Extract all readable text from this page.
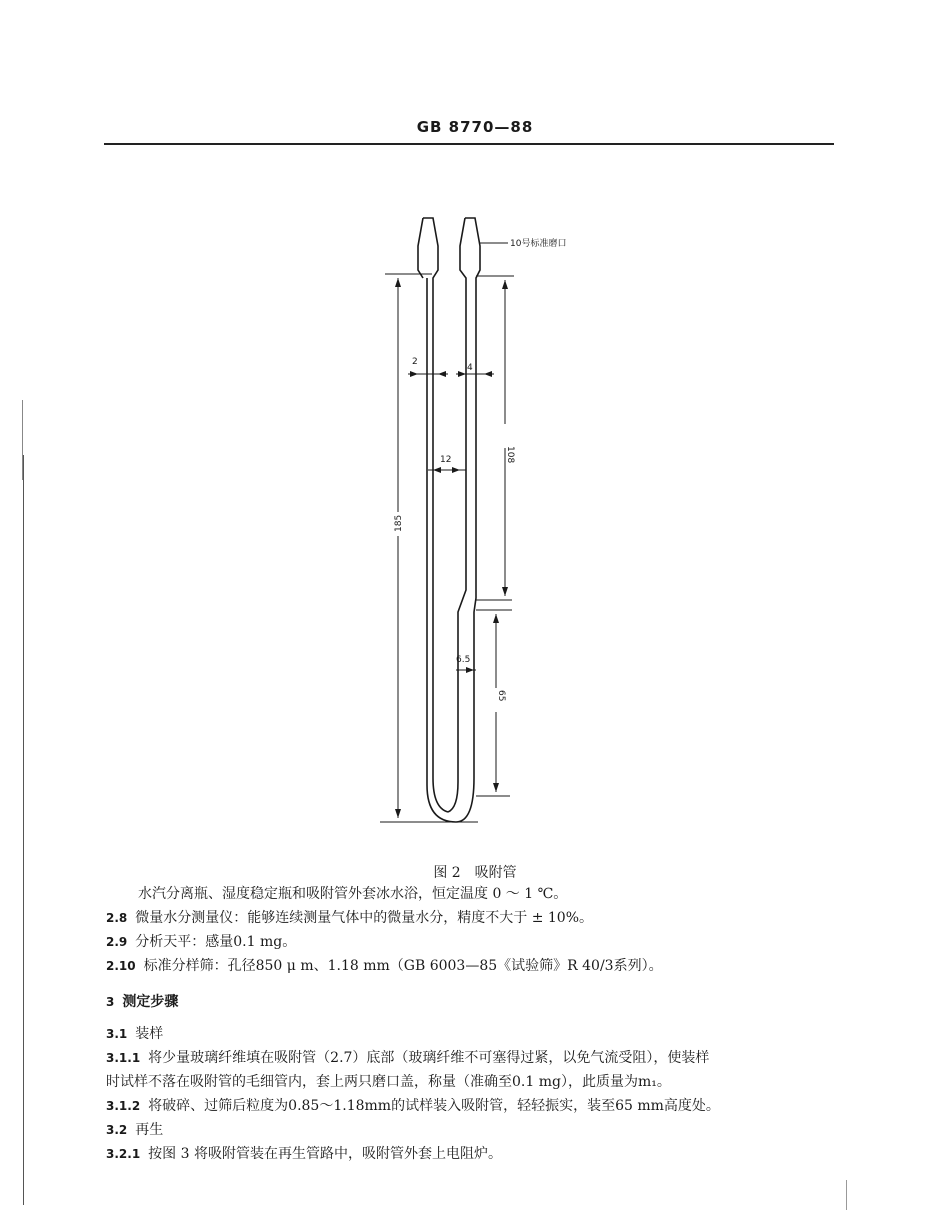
GB 8770—88
10号标准磨口
2
4
12
6.5
185
108
65
图 2　吸附管
水汽分离瓶、湿度稳定瓶和吸附管外套冰水浴，恒定温度 0 ～ 1 ℃。
2.8 微量水分测量仪：能够连续测量气体中的微量水分，精度不大于 ± 10%。
2.9 分析天平：感量0.1 mg。
2.10 标准分样筛：孔径850 μ m、1.18 mm（GB 6003—85《试验筛》R 40/3系列）。
3 测定步骤
3.1 装样
3.1.1 将少量玻璃纤维填在吸附管（2.7）底部（玻璃纤维不可塞得过紧，以免气流受阻），使装样
时试样不落在吸附管的毛细管内，套上两只磨口盖，称量（准确至0.1 mg），此质量为m₁。
3.1.2 将破碎、过筛后粒度为0.85～1.18mm的试样装入吸附管，轻轻振实，装至65 mm高度处。
3.2 再生
3.2.1 按图 3 将吸附管装在再生管路中，吸附管外套上电阻炉。
